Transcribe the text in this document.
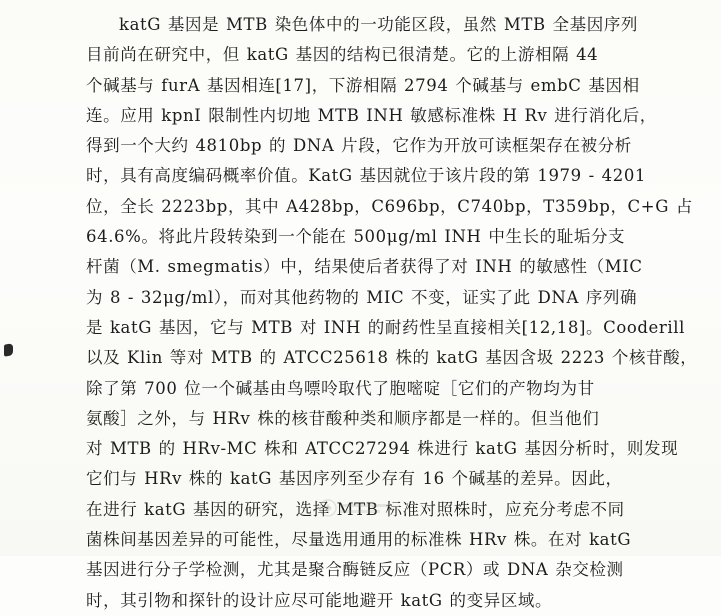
katG 基因是 MTB 染色体中的一功能区段，虽然 MTB 全基因序列
目前尚在研究中，但 katG 基因的结构已很清楚。它的上游相隔 44
个碱基与 furA 基因相连[17]，下游相隔 2794 个碱基与 embC 基因相
连。应用 kpnI 限制性内切地 MTB INH 敏感标准株 H Rv 进行消化后，
得到一个大约 4810bp 的 DNA 片段，它作为开放可读框架存在被分析
时，具有高度编码概率价值。KatG 基因就位于该片段的第 1979 - 4201
位，全长 2223bp，其中 A428bp，C696bp，C740bp，T359bp，C+G 占
64.6%。将此片段转染到一个能在 500μg/ml INH 中生长的耻垢分支
杆菌（M. smegmatis）中，结果使后者获得了对 INH 的敏感性（MIC
为 8 - 32μg/ml），而对其他药物的 MIC 不变，证实了此 DNA 序列确
是 katG 基因，它与 MTB 对 INH 的耐药性呈直接相关[12,18]。Cooderill
以及 Klin 等对 MTB 的 ATCC25618 株的 katG 基因含圾 2223 个核苷酸，
除了第 700 位一个碱基由鸟嘌呤取代了胞嘧啶［它们的产物均为甘
氨酸］之外，与 HRv 株的核苷酸种类和顺序都是一样的。但当他们
对 MTB 的 HRv-MC 株和 ATCC27294 株进行 katG 基因分析时，则发现
它们与 HRv 株的 katG 基因序列至少存有 16 个碱基的差异。因此，
在进行 katG 基因的研究，选择 MTB 标准对照株时，应充分考虑不同
菌株间基因差异的可能性，尽量选用通用的标准株 HRv 株。在对 katG
基因进行分子学检测，尤其是聚合酶链反应（PCR）或 DNA 杂交检测
时，其引物和探针的设计应尽可能地避开 katG 的变异区域。
